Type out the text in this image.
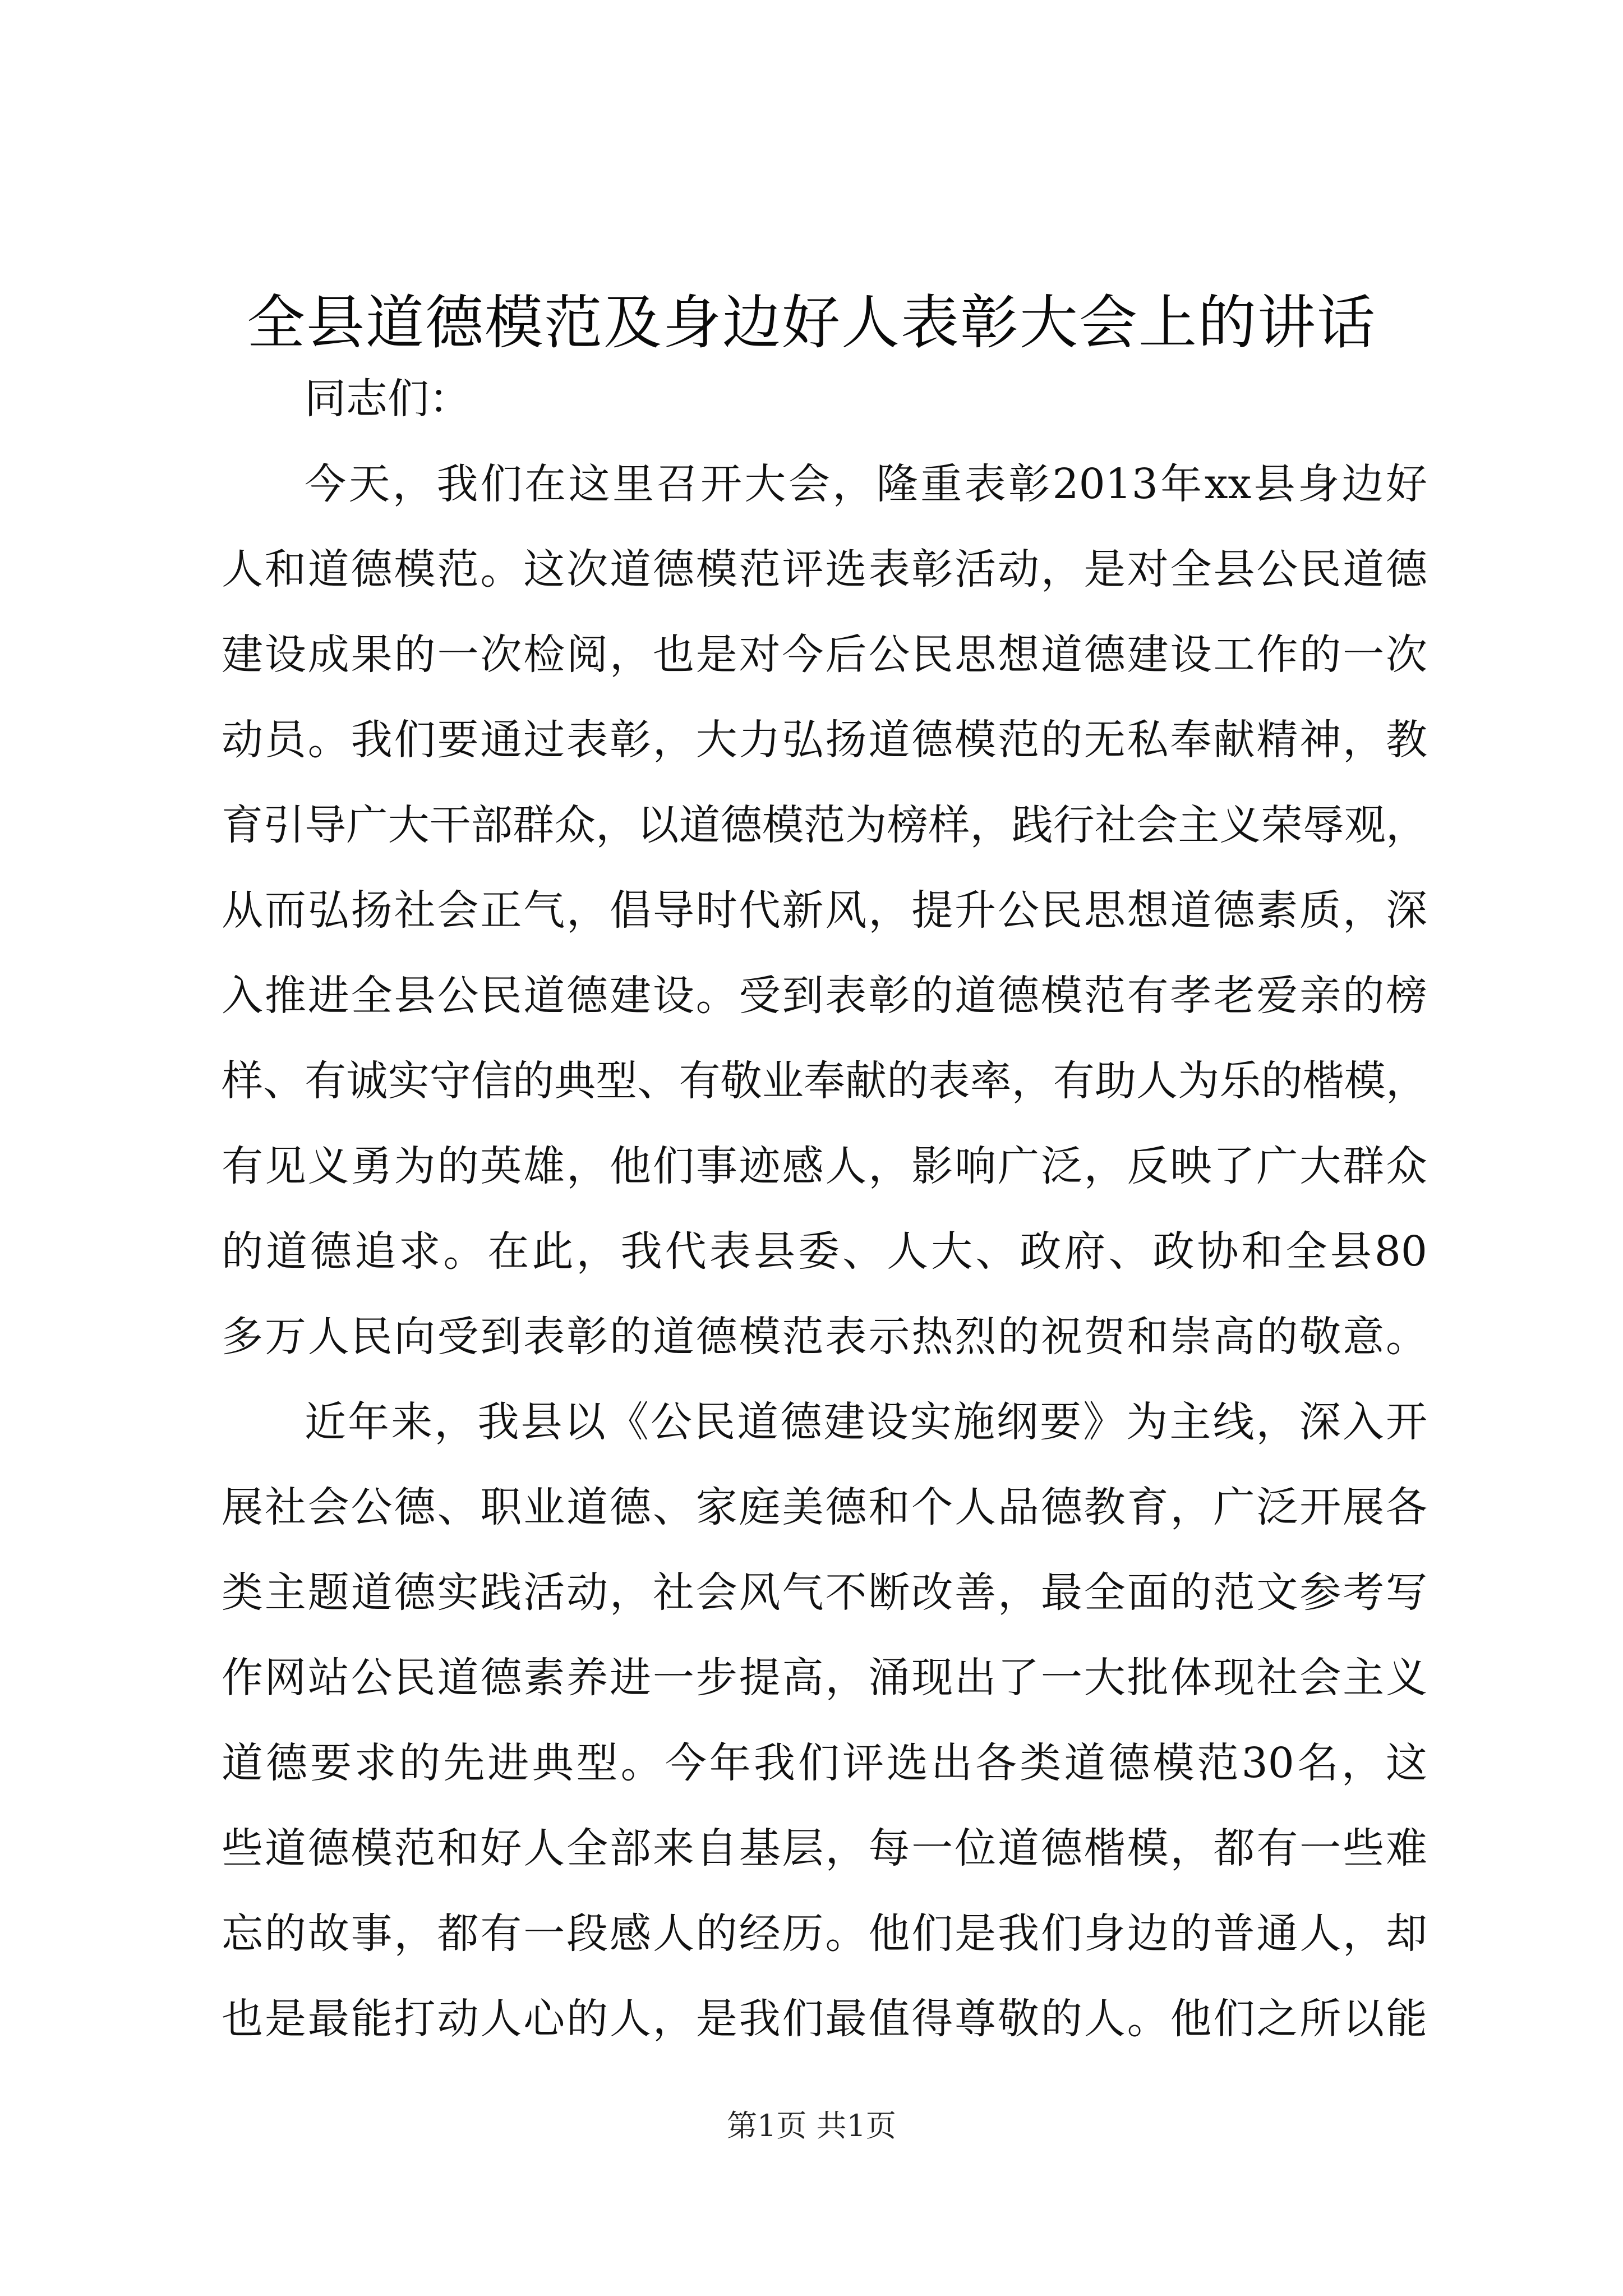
全县道德模范及身边好人表彰大会上的讲话
同志们：
今天，我们在这里召开大会，隆重表彰2013年xx县身边好
人和道德模范。这次道德模范评选表彰活动，是对全县公民道德
建设成果的一次检阅，也是对今后公民思想道德建设工作的一次
动员。我们要通过表彰，大力弘扬道德模范的无私奉献精神，教
育引导广大干部群众，以道德模范为榜样，践行社会主义荣辱观，
从而弘扬社会正气，倡导时代新风，提升公民思想道德素质，深
入推进全县公民道德建设。受到表彰的道德模范有孝老爱亲的榜
样、有诚实守信的典型、有敬业奉献的表率，有助人为乐的楷模，
有见义勇为的英雄，他们事迹感人，影响广泛，反映了广大群众
的道德追求。在此，我代表县委、人大、政府、政协和全县80
多万人民向受到表彰的道德模范表示热烈的祝贺和崇高的敬意。
近年来，我县以《公民道德建设实施纲要》为主线，深入开
展社会公德、职业道德、家庭美德和个人品德教育，广泛开展各
类主题道德实践活动，社会风气不断改善，最全面的范文参考写
作网站公民道德素养进一步提高，涌现出了一大批体现社会主义
道德要求的先进典型。今年我们评选出各类道德模范30名，这
些道德模范和好人全部来自基层，每一位道德楷模，都有一些难
忘的故事，都有一段感人的经历。他们是我们身边的普通人，却
也是最能打动人心的人，是我们最值得尊敬的人。他们之所以能
第1页 共1页
